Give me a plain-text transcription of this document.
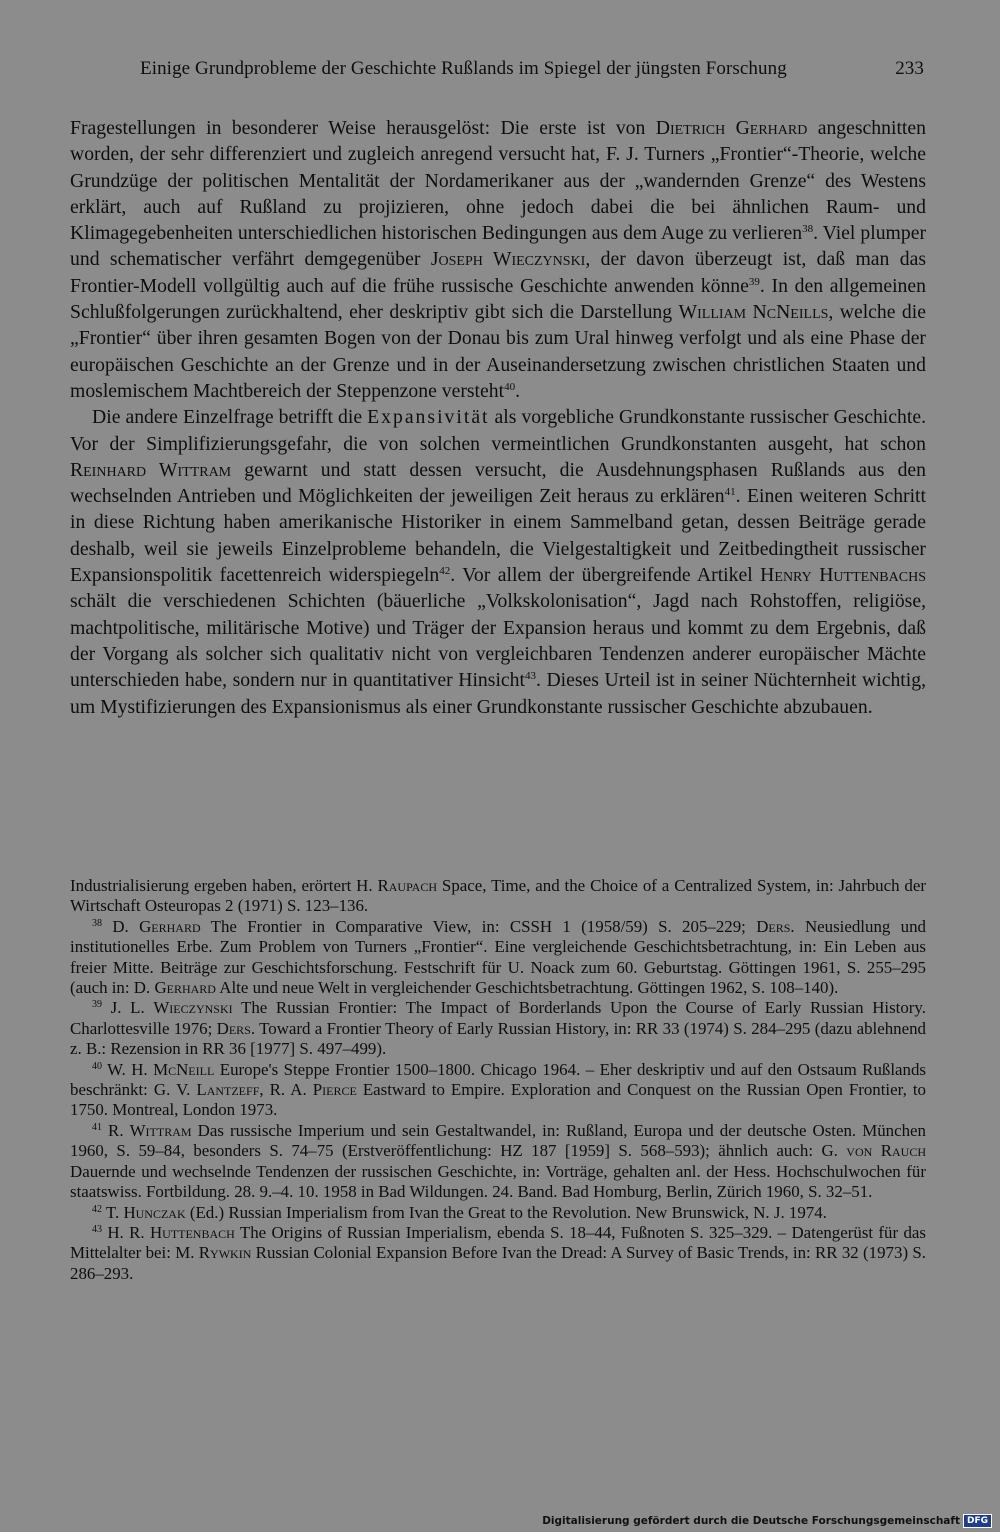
Einige Grundprobleme der Geschichte Rußlands im Spiegel der jüngsten Forschung	233

Fragestellungen in besonderer Weise herausgelöst: Die erste ist von Dietrich Gerhard angeschnitten worden, der sehr differenziert und zugleich anregend versucht hat, F. J. Turners „Frontier“-Theorie, welche Grundzüge der politischen Mentalität der Nordamerikaner aus der „wandernden Grenze“ des Westens erklärt, auch auf Rußland zu projizieren, ohne jedoch dabei die bei ähnlichen Raum- und Klimagegebenheiten unterschiedlichen historischen Bedingungen aus dem Auge zu verlieren$^{38}$. Viel plumper und schematischer verfährt demgegenüber Joseph Wieczynski, der davon überzeugt ist, daß man das Frontier-Modell vollgültig auch auf die frühe russische Geschichte anwenden könne$^{39}$. In den allgemeinen Schlußfolgerungen zurückhaltend, eher deskriptiv gibt sich die Darstellung William NcNeills, welche die „Frontier“ über ihren gesamten Bogen von der Donau bis zum Ural hinweg verfolgt und als eine Phase der europäischen Geschichte an der Grenze und in der Auseinandersetzung zwischen christlichen Staaten und moslemischem Machtbereich der Steppenzone versteht$^{40}$.

Die andere Einzelfrage betrifft die Expansivität als vorgebliche Grundkonstante russischer Geschichte. Vor der Simplifizierungsgefahr, die von solchen vermeintlichen Grundkonstanten ausgeht, hat schon Reinhard Wittram gewarnt und statt dessen versucht, die Ausdehnungsphasen Rußlands aus den wechselnden Antrieben und Möglichkeiten der jeweiligen Zeit heraus zu erklären$^{41}$. Einen weiteren Schritt in diese Richtung haben amerikanische Historiker in einem Sammelband getan, dessen Beiträge gerade deshalb, weil sie jeweils Einzelprobleme behandeln, die Vielgestaltigkeit und Zeitbedingtheit russischer Expansionspolitik facettenreich widerspiegeln$^{42}$. Vor allem der übergreifende Artikel Henry Huttenbachs schält die verschiedenen Schichten (bäuerliche „Volkskolonisation“, Jagd nach Rohstoffen, religiöse, machtpolitische, militärische Motive) und Träger der Expansion heraus und kommt zu dem Ergebnis, daß der Vorgang als solcher sich qualitativ nicht von vergleichbaren Tendenzen anderer europäischer Mächte unterschieden habe, sondern nur in quantitativer Hinsicht$^{43}$. Dieses Urteil ist in seiner Nüchternheit wichtig, um Mystifizierungen des Expansionismus als einer Grundkonstante russischer Geschichte abzubauen.

Industrialisierung ergeben haben, erörtert H. Raupach Space, Time, and the Choice of a Centralized System, in: Jahrbuch der Wirtschaft Osteuropas 2 (1971) S. 123–136.

$^{38}$ D. Gerhard The Frontier in Comparative View, in: CSSH 1 (1958/59) S. 205–229; Ders. Neusiedlung und institutionelles Erbe. Zum Problem von Turners „Frontier“. Eine vergleichende Geschichtsbetrachtung, in: Ein Leben aus freier Mitte. Beiträge zur Geschichtsforschung. Festschrift für U. Noack zum 60. Geburtstag. Göttingen 1961, S. 255–295 (auch in: D. Gerhard Alte und neue Welt in vergleichender Geschichtsbetrachtung. Göttingen 1962, S. 108–140).

$^{39}$ J. L. Wieczynski The Russian Frontier: The Impact of Borderlands Upon the Course of Early Russian History. Charlottesville 1976; Ders. Toward a Frontier Theory of Early Russian History, in: RR 33 (1974) S. 284–295 (dazu ablehnend z. B.: Rezension in RR 36 [1977] S. 497–499).

$^{40}$ W. H. McNeill Europe's Steppe Frontier 1500–1800. Chicago 1964. – Eher deskriptiv und auf den Ostsaum Rußlands beschränkt: G. V. Lantzeff, R. A. Pierce Eastward to Empire. Exploration and Conquest on the Russian Open Frontier, to 1750. Montreal, London 1973.

$^{41}$ R. Wittram Das russische Imperium und sein Gestaltwandel, in: Rußland, Europa und der deutsche Osten. München 1960, S. 59–84, besonders S. 74–75 (Erstveröffentlichung: HZ 187 [1959] S. 568–593); ähnlich auch: G. von Rauch Dauernde und wechselnde Tendenzen der russischen Geschichte, in: Vorträge, gehalten anl. der Hess. Hochschulwochen für staatswiss. Fortbildung. 28. 9.–4. 10. 1958 in Bad Wildungen. 24. Band. Bad Homburg, Berlin, Zürich 1960, S. 32–51.

$^{42}$ T. Hunczak (Ed.) Russian Imperialism from Ivan the Great to the Revolution. New Brunswick, N. J. 1974.

$^{43}$ H. R. Huttenbach The Origins of Russian Imperialism, ebenda S. 18–44, Fußnoten S. 325–329. – Datengerüst für das Mittelalter bei: M. Rywkin Russian Colonial Expansion Before Ivan the Dread: A Survey of Basic Trends, in: RR 32 (1973) S. 286–293.

Digitalisierung gefördert durch die Deutsche Forschungsgemeinschaft DFG
